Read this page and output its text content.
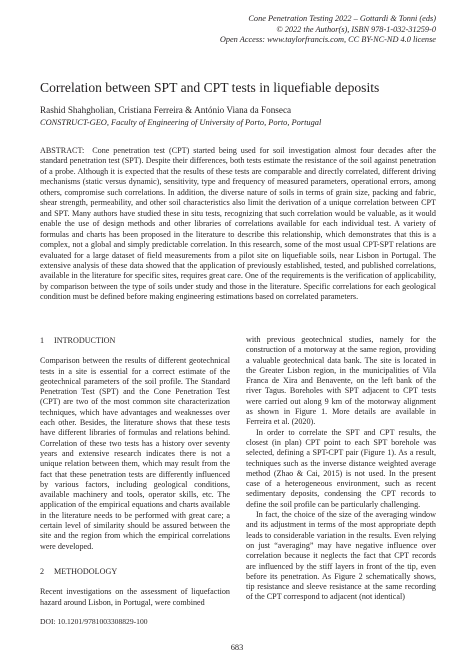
Cone Penetration Testing 2022 – Gottardi & Tonni (eds)
© 2022 the Author(s), ISBN 978-1-032-31259-0
Open Access: www.taylorfrancis.com, CC BY-NC-ND 4.0 license
Correlation between SPT and CPT tests in liquefiable deposits
Rashid Shahgholian, Cristiana Ferreira & António Viana da Fonseca
CONSTRUCT-GEO, Faculty of Engineering of University of Porto, Porto, Portugal
ABSTRACT: Cone penetration test (CPT) started being used for soil investigation almost four decades after the standard penetration test (SPT). Despite their differences, both tests estimate the resistance of the soil against penetration of a probe. Although it is expected that the results of these tests are comparable and directly correlated, different driving mechanisms (static versus dynamic), sensitivity, type and frequency of measured parameters, operational errors, among others, compromise such correlations. In addition, the diverse nature of soils in terms of grain size, packing and fabric, shear strength, permeability, and other soil characteristics also limit the derivation of a unique correlation between CPT and SPT. Many authors have studied these in situ tests, recognizing that such correlation would be valuable, as it would enable the use of design methods and other libraries of correlations available for each individual test. A variety of formulas and charts has been proposed in the literature to describe this relationship, which demonstrates that this is a complex, not a global and simply predictable correlation. In this research, some of the most usual CPT-SPT relations are evaluated for a large dataset of field measurements from a pilot site on liquefiable soils, near Lisbon in Portugal. The extensive analysis of these data showed that the application of previously established, tested, and published correlations, available in the literature for specific sites, requires great care. One of the requirements is the verification of applicability, by comparison between the type of soils under study and those in the literature. Specific correlations for each geological condition must be defined before making engineering estimations based on correlated parameters.
1 INTRODUCTION

Comparison between the results of different geotechnical tests in a site is essential for a correct estimate of the geotechnical parameters of the soil profile. The Standard Penetration Test (SPT) and the Cone Penetration Test (CPT) are two of the most common site characterization techniques, which have advantages and weaknesses over each other. Besides, the literature shows that these tests have different libraries of formulas and relations behind. Correlation of these two tests has a history over seventy years and extensive research indicates there is not a unique relation between them, which may result from the fact that these penetration tests are differently influenced by various factors, including geological conditions, available machinery and tools, operator skills, etc. The application of the empirical equations and charts available in the literature needs to be performed with great care; a certain level of similarity should be assured between the site and the region from which the empirical correlations were developed.

2 METHODOLOGY

Recent investigations on the assessment of liquefaction hazard around Lisbon, in Portugal, were combined

with previous geotechnical studies, namely for the construction of a motorway at the same region, providing a valuable geotechnical data bank. The site is located in the Greater Lisbon region, in the municipalities of Vila Franca de Xira and Benavente, on the left bank of the river Tagus. Boreholes with SPT adjacent to CPT tests were carried out along 9 km of the motorway alignment as shown in Figure 1. More details are available in Ferreira et al. (2020).

In order to correlate the SPT and CPT results, the closest (in plan) CPT point to each SPT borehole was selected, defining a SPT-CPT pair (Figure 1). As a result, techniques such as the inverse distance weighted average method (Zhao & Cai, 2015) is not used. In the present case of a heterogeneous environment, such as recent sedimentary deposits, condensing the CPT records to define the soil profile can be particularly challenging.

In fact, the choice of the size of the averaging window and its adjustment in terms of the most appropriate depth leads to considerable variation in the results. Even relying on just “averaging” may have negative influence over correlation because it neglects the fact that CPT records are influenced by the stiff layers in front of the tip, even before its penetration. As Figure 2 schematically shows, tip resistance and sleeve resistance at the same recording of the CPT correspond to adjacent (not identical)

DOI: 10.1201/9781003308829-100
683
